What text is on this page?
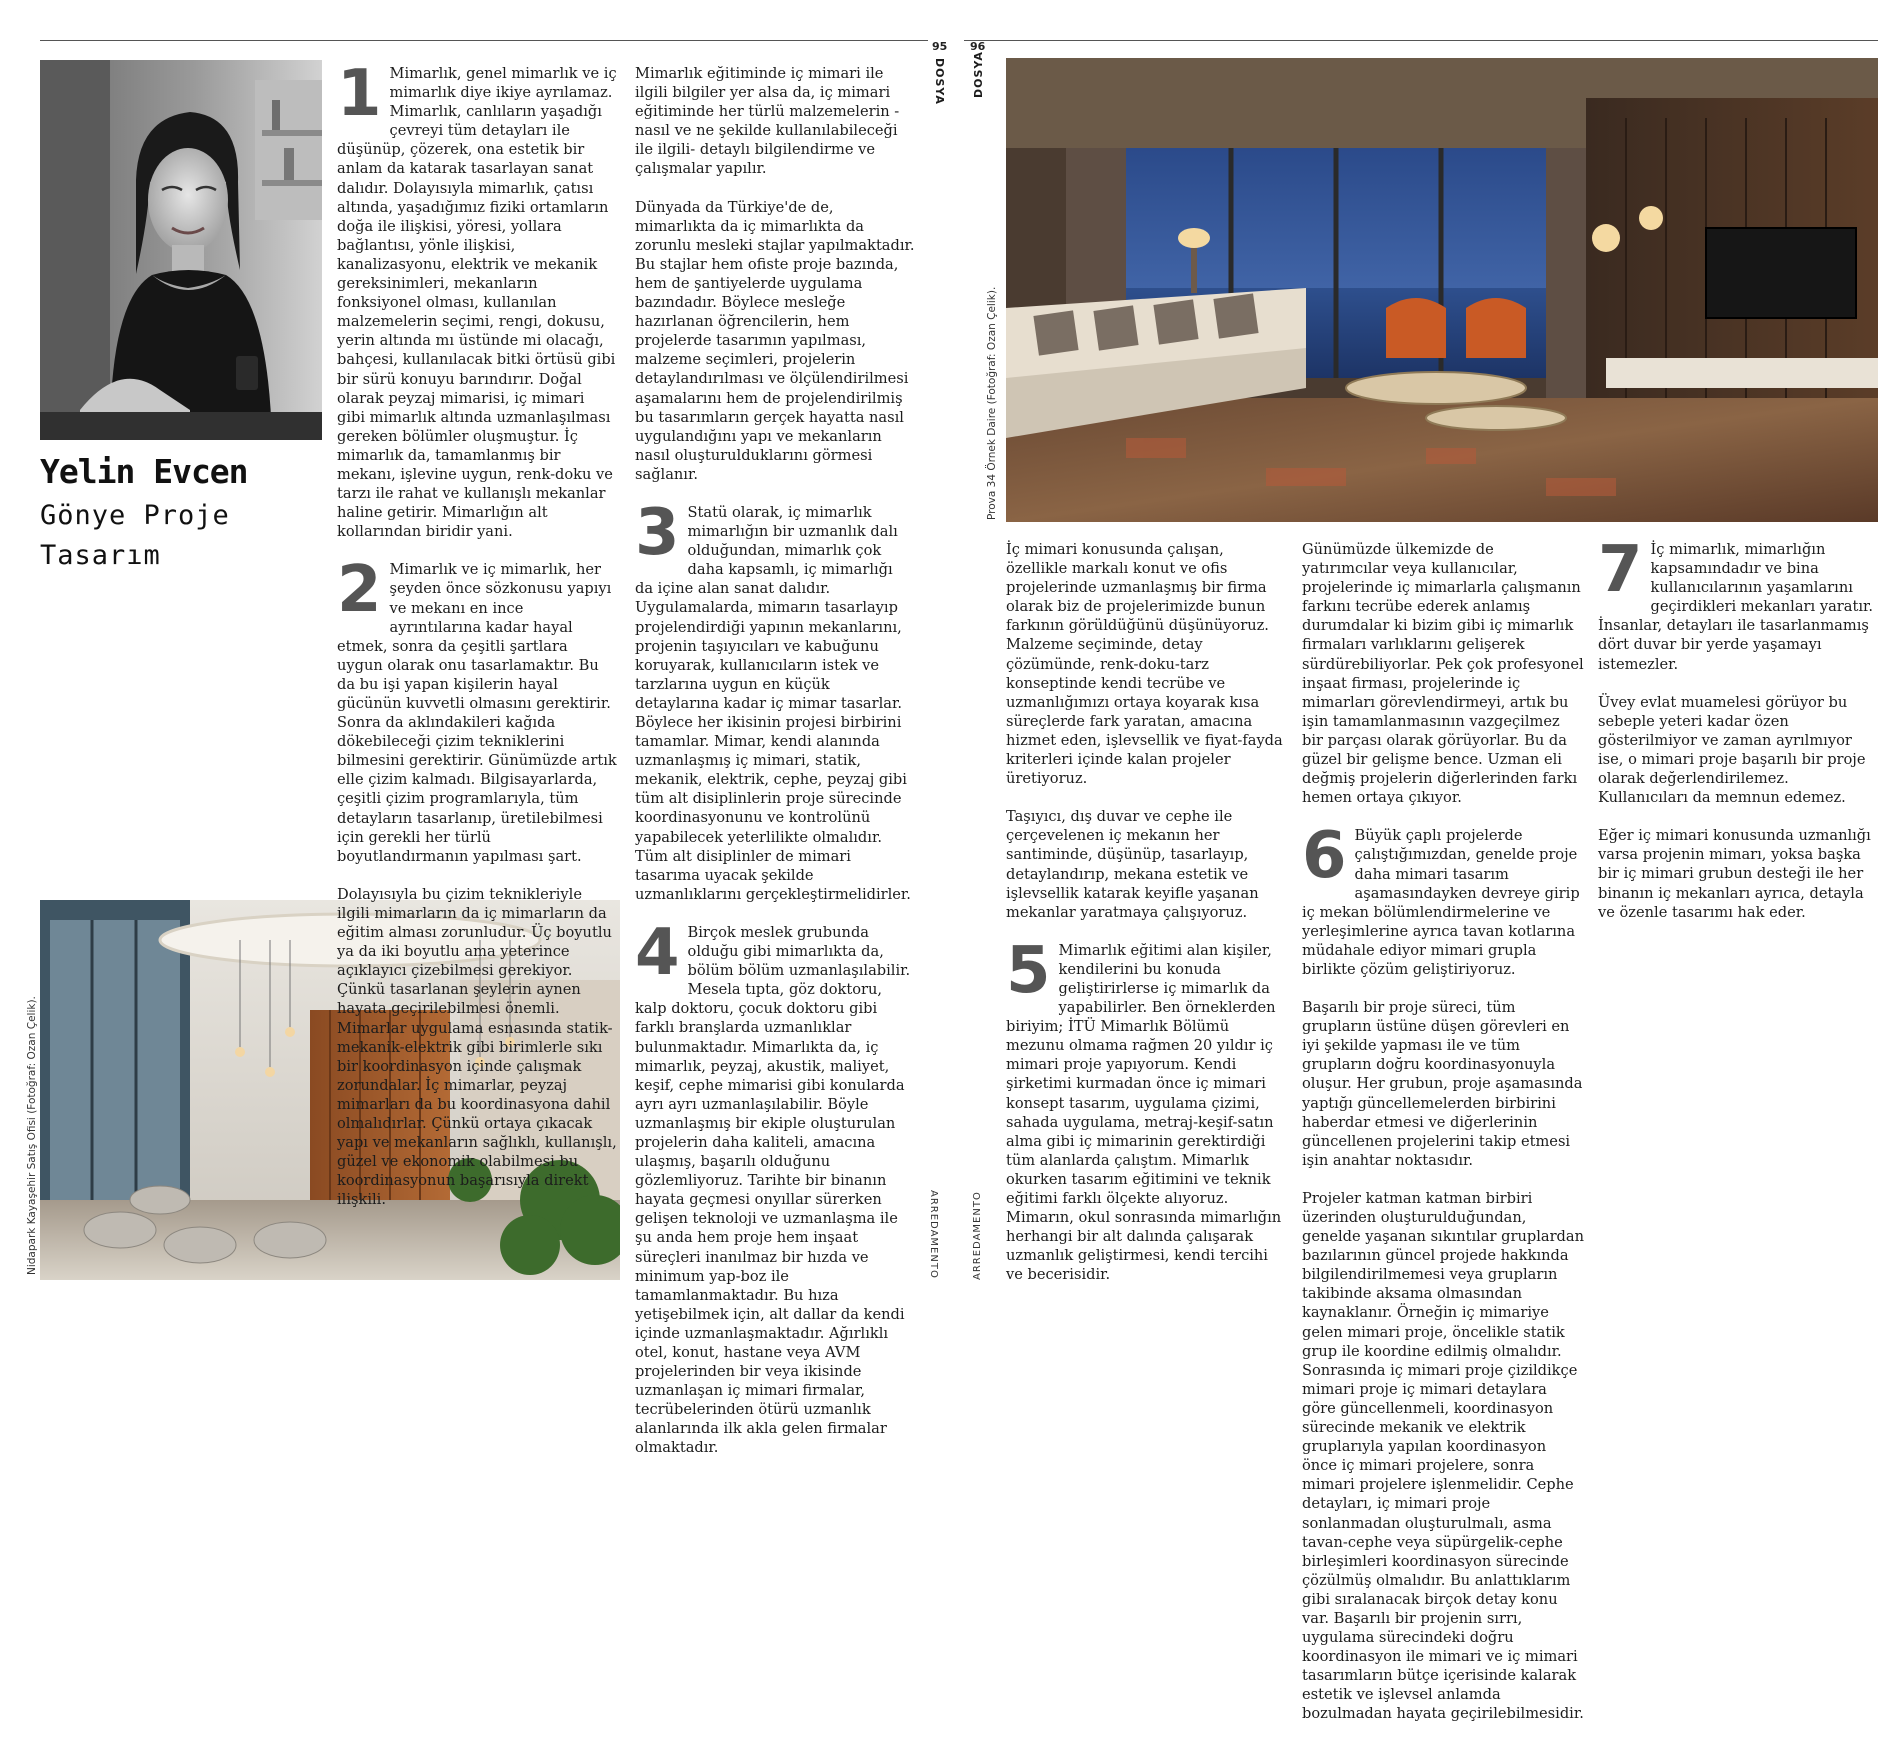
95 96
DOSYA DOSYA
ARREDAMENTO	ARREDAMENTO
Nidapark Kayaşehir Satış Ofisi (Fotoğraf: Ozan Çelik).
Prova 34 Örnek Daire (Fotoğraf: Ozan Çelik).
Yelin Evcen
Gönye Proje Tasarım
1 Mimarlık, genel mimarlık ve iç mimarlık diye ikiye ayrılamaz. Mimarlık, canlıların yaşadığı çevreyi tüm detayları ile düşünüp, çözerek, ona estetik bir anlam da katarak tasarlayan sanat dalıdır. Dolayısıyla mimarlık, çatısı altında, yaşadığımız fiziki ortamların doğa ile ilişkisi, yöresi, yollara bağlantısı, yönle ilişkisi, kanalizasyonu, elektrik ve mekanik gereksinimleri, mekanların fonksiyonel olması, kullanılan malzemelerin seçimi, rengi, dokusu, yerin altında mı üstünde mi olacağı, bahçesi, kullanılacak bitki örtüsü gibi bir sürü konuyu barındırır. Doğal olarak peyzaj mimarisi, iç mimari gibi mimarlık altında uzmanlaşılması gereken bölümler oluşmuştur. İç mimarlık da, tamamlanmış bir mekanı, işlevine uygun, renk-doku ve tarzı ile rahat ve kullanışlı mekanlar haline getirir. Mimarlığın alt kollarından biridir yani.

2 Mimarlık ve iç mimarlık, her şeyden önce sözkonusu yapıyı ve mekanı en ince ayrıntılarına kadar hayal etmek, sonra da çeşitli şartlara uygun olarak onu tasarlamaktır. Bu da bu işi yapan kişilerin hayal gücünün kuvvetli olmasını gerektirir. Sonra da aklındakileri kağıda dökebileceği çizim tekniklerini bilmesini gerektirir. Günümüzde artık elle çizim kalmadı. Bilgisayarlarda, çeşitli çizim programlarıyla, tüm detayların tasarlanıp, üretilebilmesi için gerekli her türlü boyutlandırmanın yapılması şart.

Dolayısıyla bu çizim teknikleriyle ilgili mimarların da iç mimarların da eğitim alması zorunludur. Üç boyutlu ya da iki boyutlu ama yeterince açıklayıcı çizebilmesi gerekiyor. Çünkü tasarlanan şeylerin aynen hayata geçirilebilmesi önemli. Mimarlar uygulama esnasında statik-mekanik-elektrik gibi birimlerle sıkı bir koordinasyon içinde çalışmak zorundalar. İç mimarlar, peyzaj mimarları da bu koordinasyona dahil olmalıdırlar. Çünkü ortaya çıkacak yapı ve mekanların sağlıklı, kullanışlı, güzel ve ekonomik olabilmesi bu koordinasyonun başarısıyla direkt ilişkili.

Mimarlık eğitiminde iç mimari ile ilgili bilgiler yer alsa da, iç mimari eğitiminde her türlü malzemelerin -nasıl ve ne şekilde kullanılabileceği ile ilgili- detaylı bilgilendirme ve çalışmalar yapılır.

Dünyada da Türkiye'de de, mimarlıkta da iç mimarlıkta da zorunlu mesleki stajlar yapılmaktadır. Bu stajlar hem ofiste proje bazında, hem de şantiyelerde uygulama bazındadır. Böylece mesleğe hazırlanan öğrencilerin, hem projelerde tasarımın yapılması, malzeme seçimleri, projelerin detaylandırılması ve ölçülendirilmesi aşamalarını hem de projelendirilmiş bu tasarımların gerçek hayatta nasıl uygulandığını yapı ve mekanların nasıl oluşturulduklarını görmesi sağlanır.

3 Statü olarak, iç mimarlık mimarlığın bir uzmanlık dalı olduğundan, mimarlık çok daha kapsamlı, iç mimarlığı da içine alan sanat dalıdır. Uygulamalarda, mimarın tasarlayıp projelendirdiği yapının mekanlarını, projenin taşıyıcıları ve kabuğunu koruyarak, kullanıcıların istek ve tarzlarına uygun en küçük detaylarına kadar iç mimar tasarlar. Böylece her ikisinin projesi birbirini tamamlar. Mimar, kendi alanında uzmanlaşmış iç mimari, statik, mekanik, elektrik, cephe, peyzaj gibi tüm alt disiplinlerin proje sürecinde koordinasyonunu ve kontrolünü yapabilecek yeterlilikte olmalıdır. Tüm alt disiplinler de mimari tasarıma uyacak şekilde uzmanlıklarını gerçekleştirmelidirler.

4 Birçok meslek grubunda olduğu gibi mimarlıkta da, bölüm bölüm uzmanlaşılabilir. Mesela tıpta, göz doktoru, kalp doktoru, çocuk doktoru gibi farklı branşlarda uzmanlıklar bulunmaktadır. Mimarlıkta da, iç mimarlık, peyzaj, akustik, maliyet, keşif, cephe mimarisi gibi konularda ayrı ayrı uzmanlaşılabilir. Böyle uzmanlaşmış bir ekiple oluşturulan projelerin daha kaliteli, amacına ulaşmış, başarılı olduğunu gözlemliyoruz. Tarihte bir binanın hayata geçmesi onyıllar sürerken gelişen teknoloji ve uzmanlaşma ile şu anda hem proje hem inşaat süreçleri inanılmaz bir hızda ve minimum yap-boz ile tamamlanmaktadır. Bu hıza yetişebilmek için, alt dallar da kendi içinde uzmanlaşmaktadır. Ağırlıklı otel, konut, hastane veya AVM projelerinden bir veya ikisinde uzmanlaşan iç mimari firmalar, tecrübelerinden ötürü uzmanlık alanlarında ilk akla gelen firmalar olmaktadır.

İç mimari konusunda çalışan, özellikle markalı konut ve ofis projelerinde uzmanlaşmış bir firma olarak biz de projelerimizde bunun farkının görüldüğünü düşünüyoruz. Malzeme seçiminde, detay çözümünde, renk-doku-tarz konseptinde kendi tecrübe ve uzmanlığımızı ortaya koyarak kısa süreçlerde fark yaratan, amacına hizmet eden, işlevsellik ve fiyat-fayda kriterleri içinde kalan projeler üretiyoruz.

Taşıyıcı, dış duvar ve cephe ile çerçevelenen iç mekanın her santiminde, düşünüp, tasarlayıp, detaylandırıp, mekana estetik ve işlevsellik katarak keyifle yaşanan mekanlar yaratmaya çalışıyoruz.

5 Mimarlık eğitimi alan kişiler, kendilerini bu konuda geliştirirlerse iç mimarlık da yapabilirler. Ben örneklerden biriyim; İTÜ Mimarlık Bölümü mezunu olmama rağmen 20 yıldır iç mimari proje yapıyorum. Kendi şirketimi kurmadan önce iç mimari konsept tasarım, uygulama çizimi, sahada uygulama, metraj-keşif-satın alma gibi iç mimarinin gerektirdiği tüm alanlarda çalıştım. Mimarlık okurken tasarım eğitimini ve teknik eğitimi farklı ölçekte alıyoruz. Mimarın, okul sonrasında mimarlığın herhangi bir alt dalında çalışarak uzmanlık geliştirmesi, kendi tercihi ve becerisidir.

Günümüzde ülkemizde de yatırımcılar veya kullanıcılar, projelerinde iç mimarlarla çalışmanın farkını tecrübe ederek anlamış durumdalar ki bizim gibi iç mimarlık firmaları varlıklarını gelişerek sürdürebiliyorlar. Pek çok profesyonel inşaat firması, projelerinde iç mimarları görevlendirmeyi, artık bu işin tamamlanmasının vazgeçilmez bir parçası olarak görüyorlar. Bu da güzel bir gelişme bence. Uzman eli değmiş projelerin diğerlerinden farkı hemen ortaya çıkıyor.

6 Büyük çaplı projelerde çalıştığımızdan, genelde proje daha mimari tasarım aşamasındayken devreye girip iç mekan bölümlendirmelerine ve yerleşimlerine ayrıca tavan kotlarına müdahale ediyor mimari grupla birlikte çözüm geliştiriyoruz.

Başarılı bir proje süreci, tüm grupların üstüne düşen görevleri en iyi şekilde yapması ile ve tüm grupların doğru koordinasyonuyla oluşur. Her grubun, proje aşamasında yaptığı güncellemelerden birbirini haberdar etmesi ve diğerlerinin güncellenen projelerini takip etmesi işin anahtar noktasıdır.

Projeler katman katman birbiri üzerinden oluşturulduğundan, genelde yaşanan sıkıntılar gruplardan bazılarının güncel projede hakkında bilgilendirilmemesi veya grupların takibinde aksama olmasından kaynaklanır. Örneğin iç mimariye gelen mimari proje, öncelikle statik grup ile koordine edilmiş olmalıdır. Sonrasında iç mimari proje çizildikçe mimari proje iç mimari detaylara göre güncellenmeli, koordinasyon sürecinde mekanik ve elektrik gruplarıyla yapılan koordinasyon önce iç mimari projelere, sonra mimari projelere işlenmelidir. Cephe detayları, iç mimari proje sonlanmadan oluşturulmalı, asma tavan-cephe veya süpürgelik-cephe birleşimleri koordinasyon sürecinde çözülmüş olmalıdır. Bu anlattıklarım gibi sıralanacak birçok detay konu var. Başarılı bir projenin sırrı, uygulama sürecindeki doğru koordinasyon ile mimari ve iç mimari tasarımların bütçe içerisinde kalarak estetik ve işlevsel anlamda bozulmadan hayata geçirilebilmesidir.

7 İç mimarlık, mimarlığın kapsamındadır ve bina kullanıcılarının yaşamlarını geçirdikleri mekanları yaratır. İnsanlar, detayları ile tasarlanmamış dört duvar bir yerde yaşamayı istemezler.

Üvey evlat muamelesi görüyor bu sebeple yeteri kadar özen gösterilmiyor ve zaman ayrılmıyor ise, o mimari proje başarılı bir proje olarak değerlendirilemez. Kullanıcıları da memnun edemez.

Eğer iç mimari konusunda uzmanlığı varsa projenin mimarı, yoksa başka bir iç mimari grubun desteği ile her binanın iç mekanları ayrıca, detayla ve özenle tasarımı hak eder.
